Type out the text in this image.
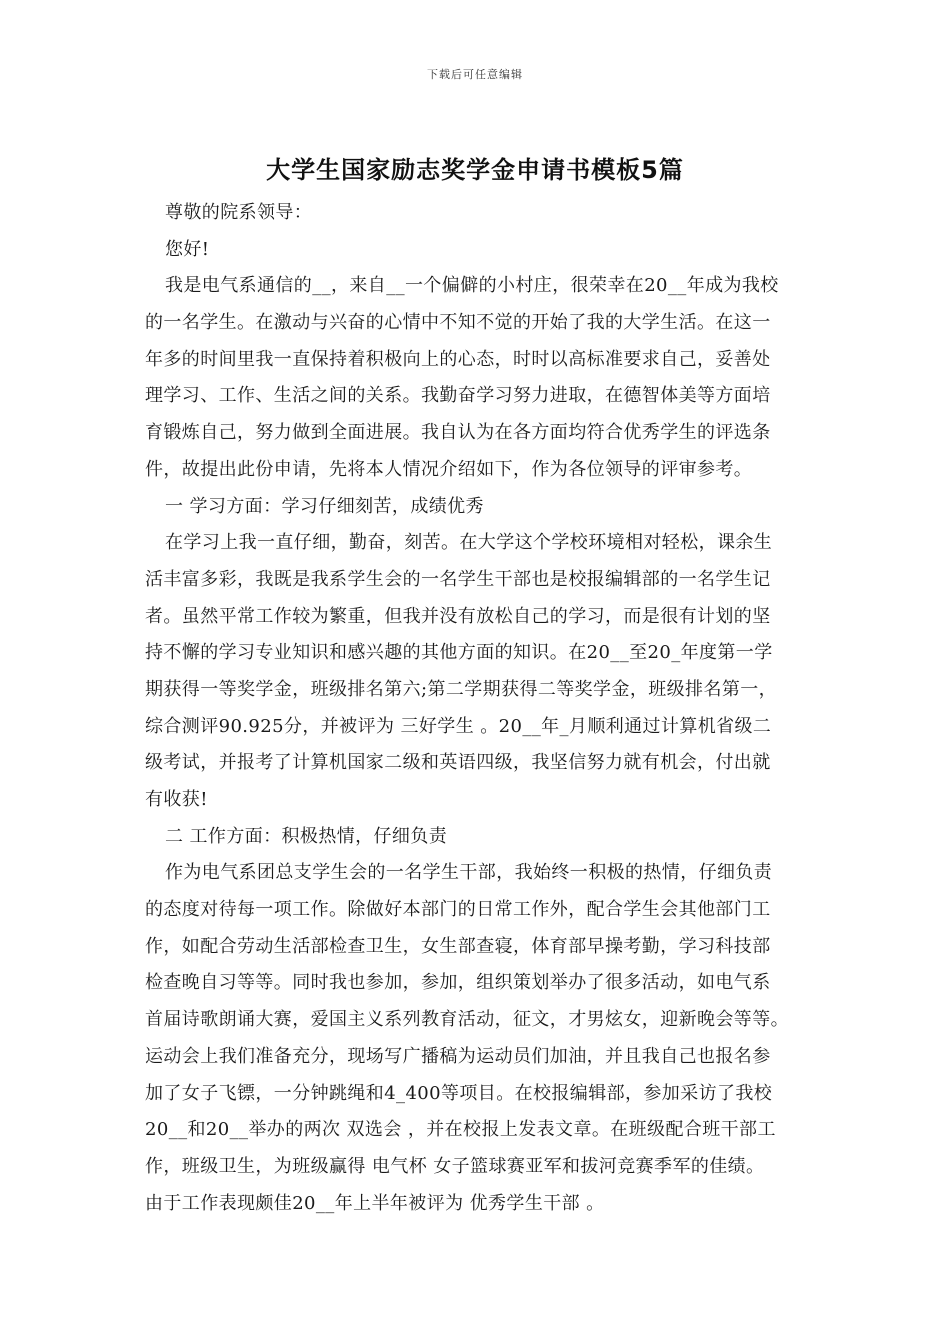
下载后可任意编辑
大学生国家励志奖学金申请书模板5篇
尊敬的院系领导：
您好!
我是电气系通信的__，来自__一个偏僻的小村庄，很荣幸在20__年成为我校
的一名学生。在激动与兴奋的心情中不知不觉的开始了我的大学生活。在这一
年多的时间里我一直保持着积极向上的心态，时时以高标准要求自己，妥善处
理学习、工作、生活之间的关系。我勤奋学习努力进取，在德智体美等方面培
育锻炼自己，努力做到全面进展。我自认为在各方面均符合优秀学生的评选条
件，故提出此份申请，先将本人情况介绍如下，作为各位领导的评审参考。
一 学习方面：学习仔细刻苦，成绩优秀
在学习上我一直仔细，勤奋，刻苦。在大学这个学校环境相对轻松，课余生
活丰富多彩，我既是我系学生会的一名学生干部也是校报编辑部的一名学生记
者。虽然平常工作较为繁重，但我并没有放松自己的学习，而是很有计划的坚
持不懈的学习专业知识和感兴趣的其他方面的知识。在20__至20_年度第一学
期获得一等奖学金，班级排名第六;第二学期获得二等奖学金，班级排名第一，
综合测评90.925分，并被评为 三好学生 。20__年_月顺利通过计算机省级二
级考试，并报考了计算机国家二级和英语四级，我坚信努力就有机会，付出就
有收获!
二 工作方面：积极热情，仔细负责
作为电气系团总支学生会的一名学生干部，我始终一积极的热情，仔细负责
的态度对待每一项工作。除做好本部门的日常工作外，配合学生会其他部门工
作，如配合劳动生活部检查卫生，女生部查寝，体育部早操考勤，学习科技部
检查晚自习等等。同时我也参加，参加，组织策划举办了很多活动，如电气系
首届诗歌朗诵大赛，爱国主义系列教育活动，征文，才男炫女，迎新晚会等等。
运动会上我们准备充分，现场写广播稿为运动员们加油，并且我自己也报名参
加了女子飞镖，一分钟跳绳和4_400等项目。在校报编辑部，参加采访了我校
20__和20__举办的两次 双选会 ，并在校报上发表文章。在班级配合班干部工
作，班级卫生，为班级赢得 电气杯 女子篮球赛亚军和拔河竞赛季军的佳绩。
由于工作表现颇佳20__年上半年被评为 优秀学生干部 。
